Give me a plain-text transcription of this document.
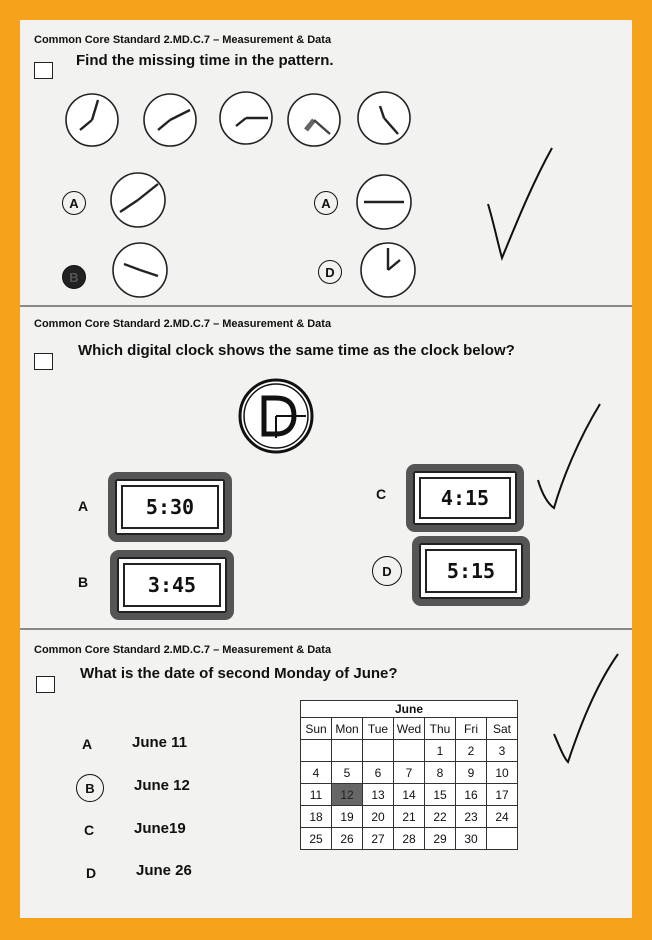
Common Core Standard 2.MD.C.7 – Measurement & Data
Find the missing time in the pattern.
A
B
A
D
Common Core Standard 2.MD.C.7 – Measurement & Data
Which digital clock shows the same time as the clock below?
A	5:30
B	3:45
C	4:15
D	5:15
Common Core Standard 2.MD.C.7 – Measurement & Data
What is the date of second Monday of June?
A	June 11
B	June 12
C	June19
D	June 26
June						
Sun	Mon	Tue	Wed	Thu	Fri	Sat
				1	2	3
4	5	6	7	8	9	10
11	12	13	14	15	16	17
18	19	20	21	22	23	24
25	26	27	28	29	30	
